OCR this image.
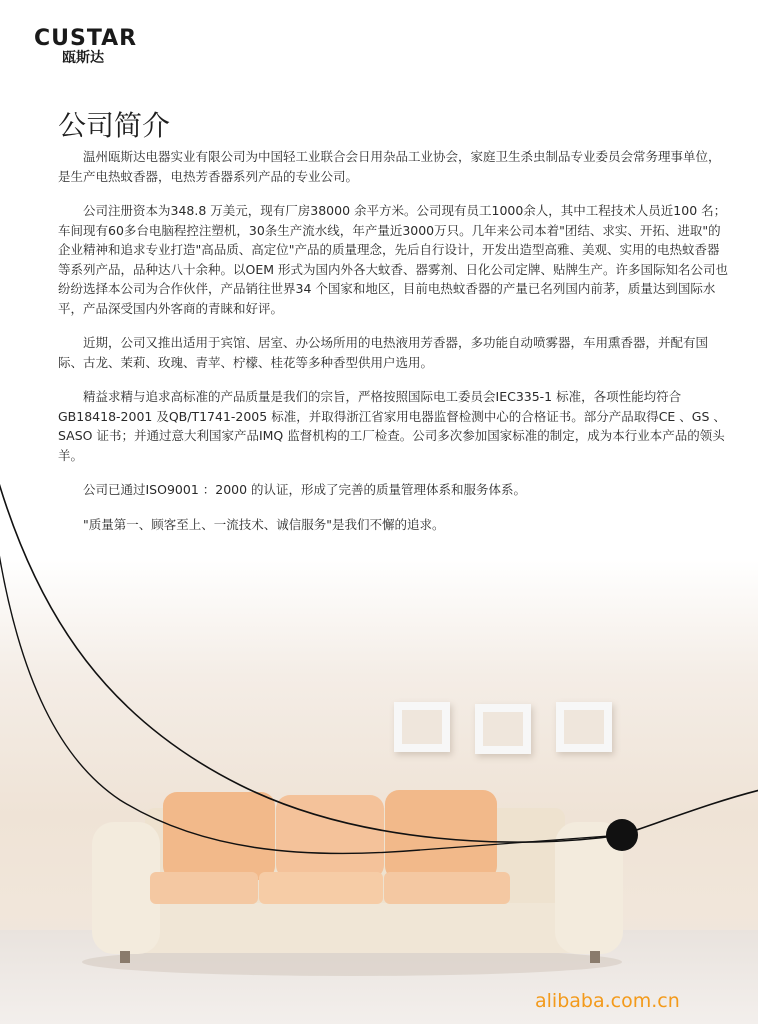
CUSTAR
瓯斯达
公司简介

温州瓯斯达电器实业有限公司为中国轻工业联合会日用杂品工业协会，家庭卫生杀虫制品专业委员会常务理事单位，是生产电热蚊香器，电热芳香器系列产品的专业公司。

公司注册资本为348.8 万美元，现有厂房38000 余平方米。公司现有员工1000余人，其中工程技术人员近100 名；车间现有60多台电脑程控注塑机，30条生产流水线，年产量近3000万只。几年来公司本着"团结、求实、开拓、进取"的企业精神和追求专业打造"高品质、高定位"产品的质量理念，先后自行设计，开发出造型高雅、美观、实用的电热蚊香器等系列产品，品种达八十余种。以OEM 形式为国内外各大蚊香、器雾剂、日化公司定牌、贴牌生产。许多国际知名公司也纷纷选择本公司为合作伙伴，产品销往世界34 个国家和地区，目前电热蚊香器的产量已名列国内前茅，质量达到国际水平，产品深受国内外客商的青睐和好评。

近期，公司又推出适用于宾馆、居室、办公场所用的电热液用芳香器，多功能自动喷雾器，车用熏香器，并配有国际、古龙、茉莉、玫瑰、青苹、柠檬、桂花等多种香型供用户选用。

精益求精与追求高标准的产品质量是我们的宗旨，严格按照国际电工委员会IEC335-1 标准，各项性能均符合GB18418-2001 及QB/T1741-2005 标准，并取得浙江省家用电器监督检测中心的合格证书。部分产品取得CE 、GS 、SASO 证书；并通过意大利国家产品IMQ 监督机构的工厂检查。公司多次参加国家标准的制定，成为本行业本产品的领头羊。

公司已通过ISO9001 ：2000 的认证，形成了完善的质量管理体系和服务体系。

"质量第一、顾客至上、一流技术、诚信服务"是我们不懈的追求。

alibaba.com.cn
